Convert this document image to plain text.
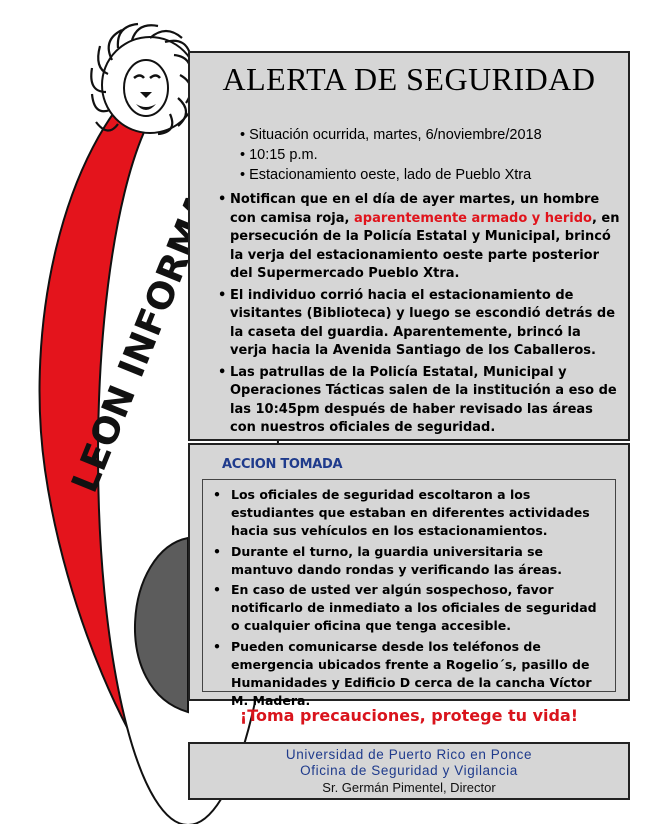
LEON INFORMA
ALERTA DE SEGURIDAD
• Situación ocurrida, martes, 6/noviembre/2018
• 10:15 p.m.
• Estacionamiento oeste, lado de Pueblo Xtra
• Notifican que en el día de ayer martes, un hombre con camisa roja, aparentemente armado y herido, en persecución de la Policía Estatal y Municipal, brincó la verja del estacionamiento oeste parte posterior del Supermercado Pueblo Xtra.
• El individuo corrió hacia el estacionamiento de visitantes (Biblioteca) y luego se escondió detrás de la caseta del guardia. Aparentemente, brincó la verja hacia la Avenida Santiago de los Caballeros.
• Las patrullas de la Policía Estatal, Municipal y Operaciones Tácticas salen de la institución a eso de las 10:45pm después de haber revisado las áreas con nuestros oficiales de seguridad.
ACCION TOMADA
• Los oficiales de seguridad escoltaron a los estudiantes que estaban en diferentes actividades hacia sus vehículos en los estacionamientos.
• Durante el turno, la guardia universitaria se mantuvo dando rondas y verificando las áreas.
• En caso de usted ver algún sospechoso, favor notificarlo de inmediato a los oficiales de seguridad o cualquier oficina que tenga accesible.
• Pueden comunicarse desde los teléfonos de emergencia ubicados frente a Rogelio´s, pasillo de Humanidades y Edificio D cerca de la cancha Víctor M. Madera.
¡Toma precauciones, protege tu vida!
Universidad de Puerto Rico en Ponce
Oficina de Seguridad y Vigilancia
Sr. Germán Pimentel, Director
